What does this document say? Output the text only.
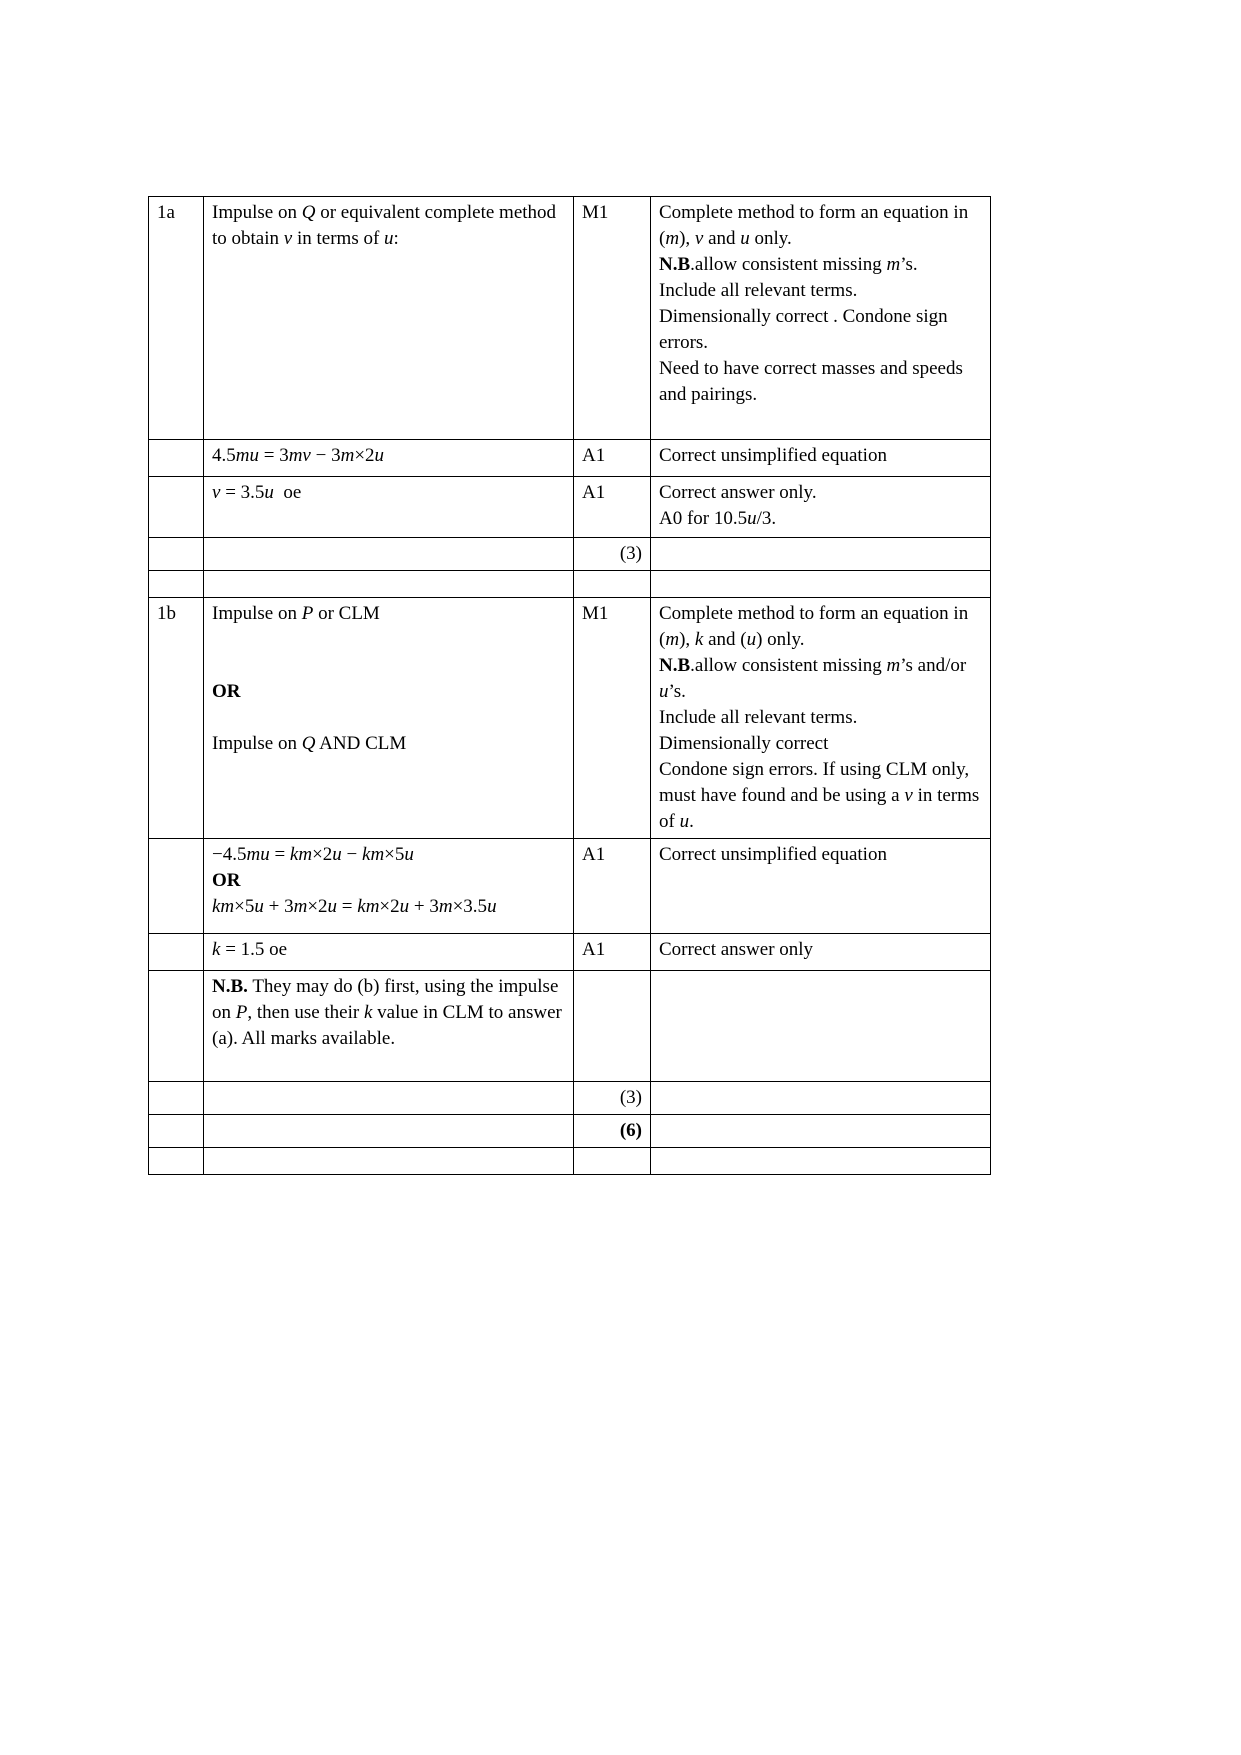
1a	Impulse on Q or equivalent complete method to obtain v in terms of u:	M1	Complete method to form an equation in (m), v and u only.
N.B.allow consistent missing m’s.
Include all relevant terms.
Dimensionally correct . Condone sign errors.
Need to have correct masses and speeds and pairings.
	4.5mu = 3mv − 3m×2u	A1	Correct unsimplified equation
	v = 3.5u  oe	A1	Correct answer only.
A0 for 10.5u/3.
		(3)	

1b	Impulse on P or CLM

OR

Impulse on Q AND CLM	M1	Complete method to form an equation in (m), k and (u) only.
N.B.allow consistent missing m’s and/or u’s.
Include all relevant terms.
Dimensionally correct
Condone sign errors. If using CLM only, must have found and be using a v in terms of u.
	−4.5mu = km×2u − km×5u
OR
km×5u + 3m×2u = km×2u + 3m×3.5u	A1	Correct unsimplified equation
	k = 1.5 oe	A1	Correct answer only
	N.B. They may do (b) first, using the impulse on P, then use their k value in CLM to answer (a). All marks available.		
		(3)	
		(6)	
